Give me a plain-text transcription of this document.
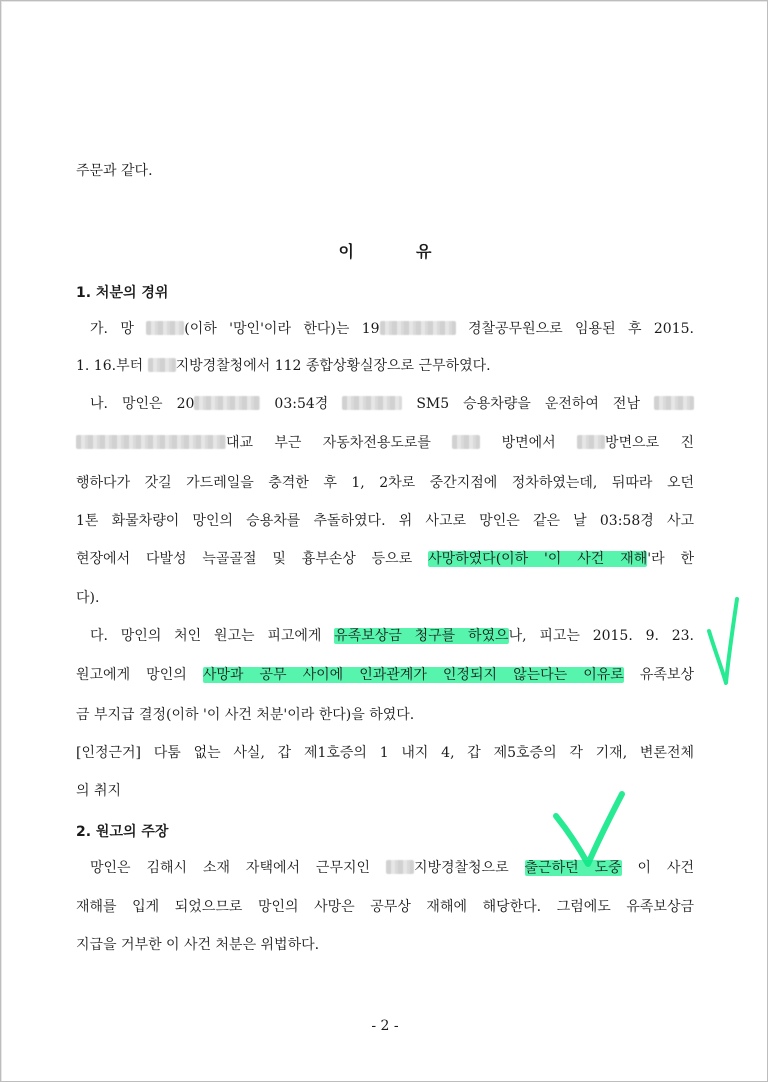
주문과 같다.
이	유
1. 처분의 경위
가. 망	(이하 '망인'이라 한다)는 19	경찰공무원으로 임용된 후 2015.
1. 16.부터 지방경찰청에서 112 종합상황실장으로 근무하였다.
나. 망인은 20	03:54경	SM5 승용차량을 운전하여 전남
대교 부근 자동차전용도로를  방면에서 방면으로 진
행하다가 갓길 가드레일을 충격한 후 1, 2차로 중간지점에 정차하였는데, 뒤따라 오던
1톤 화물차량이 망인의 승용차를 추돌하였다. 위 사고로 망인은 같은 날 03:58경 사고
현장에서 다발성 늑골골절 및 흉부손상 등으로 사망하였다(이하 '이 사건 재해'라 한
다).
다. 망인의 처인 원고는 피고에게 유족보상금 청구를 하였으나, 피고는 2015. 9. 23.
원고에게 망인의 사망과 공무 사이에 인과관계가 인정되지 않는다는 이유로 유족보상
금 부지급 결정(이하 '이 사건 처분'이라 한다)을 하였다.
[인정근거] 다툼 없는 사실, 갑 제1호증의 1 내지 4, 갑 제5호증의 각 기재, 변론전체
의 취지
2. 원고의 주장
망인은 김해시 소재 자택에서 근무지인 지방경찰청으로 출근하던 도중 이 사건
재해를 입게 되었으므로 망인의 사망은 공무상 재해에 해당한다. 그럼에도 유족보상금
지급을 거부한 이 사건 처분은 위법하다.
- 2 -
